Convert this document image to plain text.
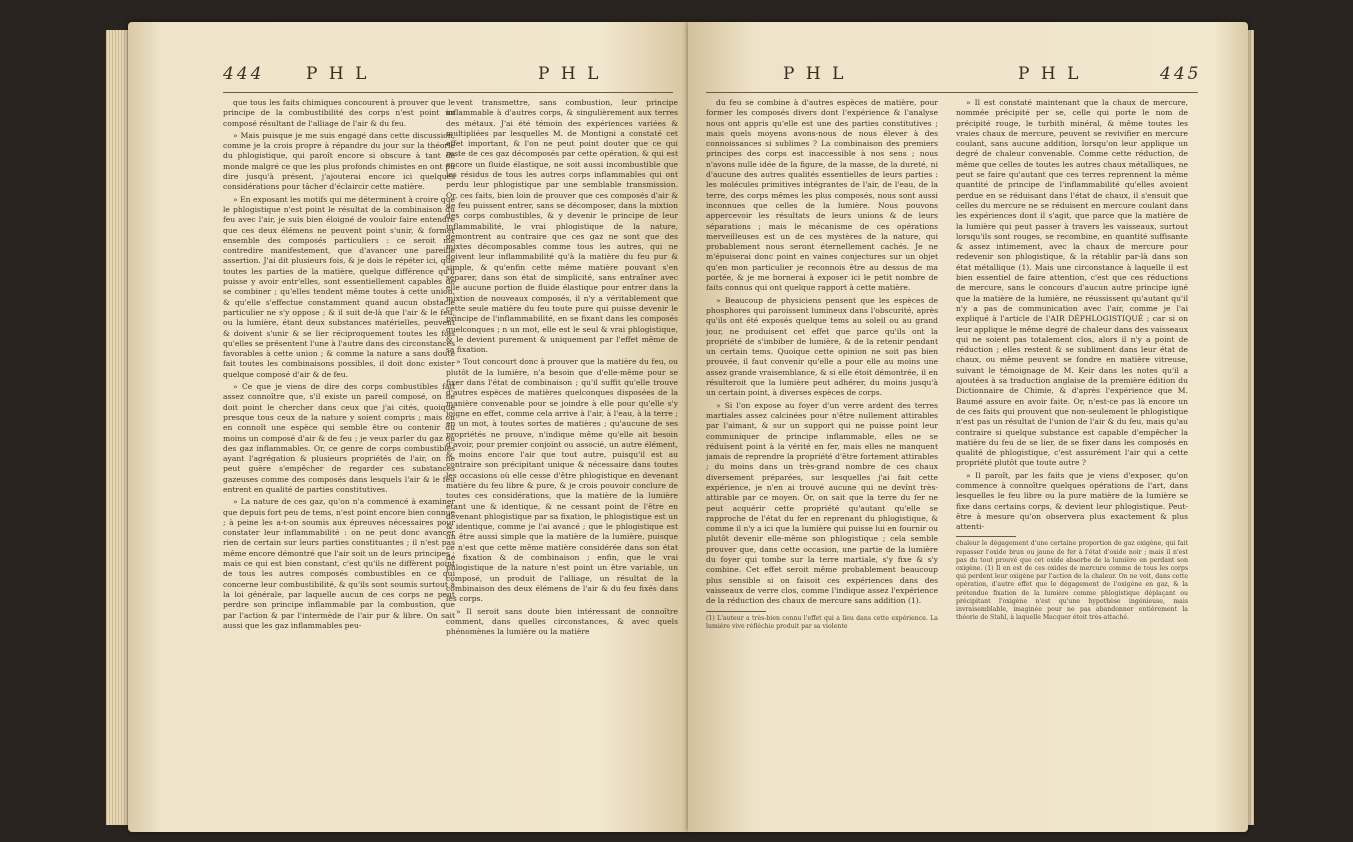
444 P H L	P H L

que tous les faits chimiques concourent à prouver que le principe de la combustibilité des corps n'est point un composé résultant de l'alliage de l'air & du feu.

» Mais puisque je me suis engagé dans cette discussion, comme je la crois propre à répandre du jour sur la théorie du phlogistique, qui paroît encore si obscure à tant de monde malgré ce que les plus profonds chimistes en ont pu dire jusqu'à présent, j'ajouterai encore ici quelques considérations pour tâcher d'éclaircir cette matière.

» En exposant les motifs qui me déterminent à croire que le phlogistique n'est point le résultat de la combinaison du feu avec l'air, je suis bien éloigné de vouloir faire entendre que ces deux élémens ne peuvent point s'unir, & former ensemble des composés particuliers : ce seroit me contredire manifestement, que d'avancer une pareille assertion. J'ai dit plusieurs fois, & je dois le répéter ici, que toutes les parties de la matière, quelque différence qu'il puisse y avoir entr'elles, sont essentiellement capables de se combiner ; qu'elles tendent même toutes à cette union, & qu'elle s'effectue constamment quand aucun obstacle particulier ne s'y oppose ; & il suit de-là que l'air & le feu, ou la lumière, étant deux substances matérielles, peuvent & doivent s'unir & se lier réciproquement toutes les fois qu'elles se présentent l'une à l'autre dans des circonstances favorables à cette union ; & comme la nature a sans doute fait toutes les combinaisons possibles, il doit donc exister quelque composé d'air & de feu.

» Ce que je viens de dire des corps combustibles fait assez connoître que, s'il existe un pareil composé, on ne doit point le chercher dans ceux que j'ai cités, quoique presque tous ceux de la nature y soient compris ; mais on en connoît une espèce qui semble être ou contenir du moins un composé d'air & de feu ; je veux parler du gaz ou des gaz inflammables. Or, ce genre de corps combustibles ayant l'agrégation & plusieurs propriétés de l'air, on ne peut guère s'empêcher de regarder ces substances gazeuses comme des composés dans lesquels l'air & le feu entrent en qualité de parties constitutives.

» La nature de ces gaz, qu'on n'a commencé à examiner que depuis fort peu de tems, n'est point encore bien connue ; à peine les a-t-on soumis aux épreuves nécessaires pour constater leur inflammabilité : on ne peut donc avancer rien de certain sur leurs parties constituantes ; il n'est pas même encore démontré que l'air soit un de leurs principes ; mais ce qui est bien constant, c'est qu'ils ne diffèrent point de tous les autres composés combustibles en ce qui concerne leur combustibilité, & qu'ils sont soumis surtout à la loi générale, par laquelle aucun de ces corps ne peut perdre son principe inflammable par la combustion, que par l'action & par l'intermède de l'air pur & libre. On sait aussi que les gaz inflammables peu-

vent transmettre, sans combustion, leur principe inflammable à d'autres corps, & singulièrement aux terres des métaux. J'ai été témoin des expériences variées & multipliées par lesquelles M. de Montigni a constaté cet effet important, & l'on ne peut point douter que ce qui reste de ces gaz décomposés par cette opération, & qui est encore un fluide élastique, ne soit aussi incombustible que les résidus de tous les autres corps inflammables qui ont perdu leur phlogistique par une semblable transmission. Or, ces faits, bien loin de prouver que ces composés d'air & de feu puissent entrer, sans se décomposer, dans la mixtion des corps combustibles, & y devenir le principe de leur inflammabilité, le vrai phlogistique de la nature, démontrent au contraire que ces gaz ne sont que des mixtes décomposables comme tous les autres, qui ne doivent leur inflammabilité qu'à la matière du feu pur & simple, & qu'enfin cette même matière pouvant s'en séparer, dans son état de simplicité, sans entraîner avec elle aucune portion de fluide élastique pour entrer dans la mixtion de nouveaux composés, il n'y a véritablement que cette seule matière du feu toute pure qui puisse devenir le principe de l'inflammabilité, en se fixant dans les composés quelconques ; n un mot, elle est le seul & vrai phlogistique, & le devient purement & uniquement par l'effet même de sa fixation.

» Tout concourt donc à prouver que la matière du feu, ou plutôt de la lumière, n'a besoin que d'elle-même pour se fixer dans l'état de combinaison ; qu'il suffit qu'elle trouve d'autres espèces de matières quelconques disposées de la manière convenable pour se joindre à elle pour qu'elle s'y joigne en effet, comme cela arrive à l'air, à l'eau, à la terre ; en un mot, à toutes sortes de matières ; qu'aucune de ses propriétés ne prouve, n'indique même qu'elle ait besoin d'avoir, pour premier conjoint ou associé, un autre élément, & moins encore l'air que tout autre, puisqu'il est au contraire son précipitant unique & nécessaire dans toutes les occasions où elle cesse d'être phlogistique en devenant matière du feu libre & pure, & je crois pouvoir conclure de toutes ces considérations, que la matière de la lumière étant une & identique, & ne cessant point de l'être en devenant phlogistique par sa fixation, le phlogistique est un & identique, comme je l'ai avancé ; que le phlogistique est un être aussi simple que la matière de la lumière, puisque ce n'est que cette même matière considérée dans son état de fixation & de combinaison ; enfin, que le vrai phlogistique de la nature n'est point un être variable, un composé, un produit de l'alliage, un résultat de la combinaison des deux élémens de l'air & du feu fixés dans les corps.

» Il seroit sans doute bien intéressant de connoître comment, dans quelles circonstances, & avec quels phénomènes la lumière ou la matière

P H L	P H L	445

du feu se combine à d'autres espèces de matière, pour former les composés divers dont l'expérience & l'analyse nous ont appris qu'elle est une des parties constitutives ; mais quels moyens avons-nous de nous élever à des connoissances si sublimes ? La combinaison des premiers principes des corps est inaccessible à nos sens ; nous n'avons nulle idée de la figure, de la masse, de la dureté, ni d'aucune des autres qualités essentielles de leurs parties : les molécules primitives intégrantes de l'air, de l'eau, de la terre, des corps mêmes les plus composés, nous sont aussi inconnues que celles de la lumière. Nous pouvons appercevoir les résultats de leurs unions & de leurs séparations ; mais le mécanisme de ces opérations merveilleuses est un de ces mystères de la nature, qui probablement nous seront éternellement cachés. Je ne m'épuiserai donc point en vaines conjectures sur un objet qu'en mon particulier je reconnois être au dessus de ma portée, & je me bornerai à exposer ici le petit nombre de faits connus qui ont quelque rapport à cette matière.

» Beaucoup de physiciens pensent que les espèces de phosphores qui paroissent lumineux dans l'obscurité, après qu'ils ont été exposés quelque tems au soleil ou au grand jour, ne produisent cet effet que parce qu'ils ont la propriété de s'imbiber de lumière, & de la retenir pendant un certain tems. Quoique cette opinion ne soit pas bien prouvée, il faut convenir qu'elle a pour elle au moins une assez grande vraisemblance, & si elle étoit démontrée, il en résulteroit que la lumière peut adhérer, du moins jusqu'à un certain point, à diverses espèces de corps.

» Si l'on expose au foyer d'un verre ardent des terres martiales assez calcinées pour n'être nullement attirables par l'aimant, & sur un support qui ne puisse point leur communiquer de principe inflammable, elles ne se réduisent point à la vérité en fer, mais elles ne manquent jamais de reprendre la propriété d'être fortement attirables ; du moins dans un très-grand nombre de ces chaux diversement préparées, sur lesquelles j'ai fait cette expérience, je n'en ai trouvé aucune qui ne devînt très-attirable par ce moyen. Or, on sait que la terre du fer ne peut acquérir cette propriété qu'autant qu'elle se rapproche de l'état du fer en reprenant du phlogistique, & comme il n'y a ici que la lumière qui puisse lui en fournir ou plutôt devenir elle-même son phlogistique ; cela semble prouver que, dans cette occasion, une partie de la lumière du foyer qui tombe sur la terre martiale, s'y fixe & s'y combine. Cet effet seroit même probablement beaucoup plus sensible si on faisoit ces expériences dans des vaisseaux de verre clos, comme l'indique assez l'expérience de la réduction des chaux de mercure sans addition (1).

(1) L'auteur a très-bien connu l'effet qui a lieu dans cette expérience. La lumière vive réfléchie produit par sa violente

» Il est constaté maintenant que la chaux de mercure, nommée précipité per se, celle qui porte le nom de précipité rouge, le turbith minéral, & même toutes les vraies chaux de mercure, peuvent se revivifier en mercure coulant, sans aucune addition, lorsqu'on leur applique un degré de chaleur convenable. Comme cette réduction, de même que celles de toutes les autres chaux métalliques, ne peut se faire qu'autant que ces terres reprennent la même quantité de principe de l'inflammabilité qu'elles avoient perdue en se réduisant dans l'état de chaux, il s'ensuit que celles du mercure ne se réduisent en mercure coulant dans les expériences dont il s'agit, que parce que la matière de la lumière qui peut passer à travers les vaisseaux, surtout lorsqu'ils sont rouges, se recombine, en quantité suffisante & assez intimement, avec la chaux de mercure pour redevenir son phlogistique, & la rétablir par-là dans son état métallique (1). Mais une circonstance à laquelle il est bien essentiel de faire attention, c'est que ces réductions de mercure, sans le concours d'aucun autre principe igné que la matière de la lumière, ne réussissent qu'autant qu'il n'y a pas de communication avec l'air, comme je l'ai expliqué à l'article de l'AIR DÉPHLOGISTIQUÉ ; car si on leur applique le même degré de chaleur dans des vaisseaux qui ne soient pas totalement clos, alors il n'y a point de réduction ; elles restent & se subliment dans leur état de chaux, ou même peuvent se fondre en matière vitreuse, suivant le témoignage de M. Keir dans les notes qu'il a ajoutées à sa traduction anglaise de la première édition du Dictionnaire de Chimie, & d'après l'expérience que M. Baumé assure en avoir faite. Or, n'est-ce pas là encore un de ces faits qui prouvent que non-seulement le phlogistique n'est pas un résultat de l'union de l'air & du feu, mais qu'au contraire si quelque substance est capable d'empêcher la matière du feu de se lier, de se fixer dans les composés en qualité de phlogistique, c'est assurément l'air qui a cette propriété plutôt que toute autre ?

» Il paroît, par les faits que je viens d'exposer, qu'on commence à connoître quelques opérations de l'art, dans lesquelles le feu libre ou la pure matière de la lumière se fixe dans certains corps, & devient leur phlogistique. Peut-être à mesure qu'on observera plus exactement & plus attenti-

chaleur le dégagement d'une certaine proportion de gaz oxigène, qui fait repasser l'oxide brun ou jaune de fer à l'état d'oxide noir ; mais il n'est pas du tout prouvé que cet oxide absorbe de la lumière en perdant son oxigène. (1) Il en est de ces oxides de mercure comme de tous les corps qui perdent leur oxigène par l'action de la chaleur. On ne voit, dans cette opération, d'autre effet que le dégagement de l'oxigène en gaz, & la prétendue fixation de la lumière comme phlogistique déplaçant ou précipitant l'oxigène n'est qu'une hypothèse ingénieuse, mais invraisemblable, imaginée pour ne pas abandonner entièrement la théorie de Stahl, à laquelle Macquer étoit très-attaché.
